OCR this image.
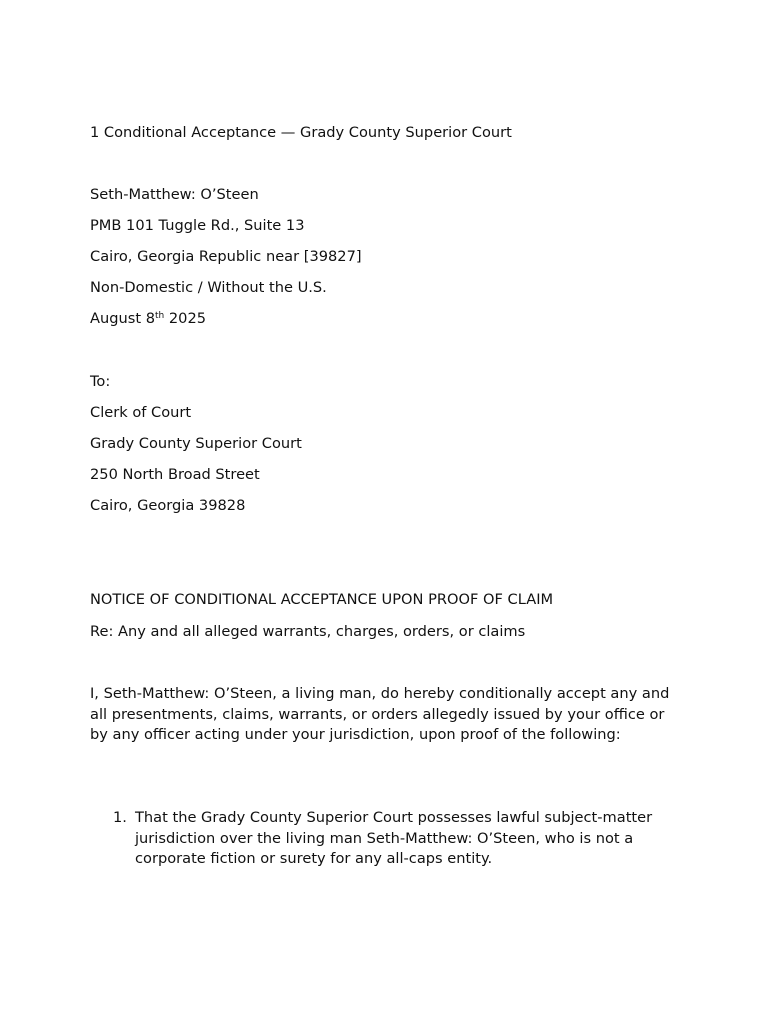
1 Conditional Acceptance — Grady County Superior Court
Seth-Matthew: O’Steen
PMB 101 Tuggle Rd., Suite 13
Cairo, Georgia Republic near [39827]
Non-Domestic / Without the U.S.
August 8th 2025
To:
Clerk of Court
Grady County Superior Court
250 North Broad Street
Cairo, Georgia 39828
NOTICE OF CONDITIONAL ACCEPTANCE UPON PROOF OF CLAIM
Re: Any and all alleged warrants, charges, orders, or claims
I, Seth-Matthew: O’Steen, a living man, do hereby conditionally accept any and all presentments, claims, warrants, or orders allegedly issued by your office or by any officer acting under your jurisdiction, upon proof of the following:
1. That the Grady County Superior Court possesses lawful subject-matter jurisdiction over the living man Seth-Matthew: O’Steen, who is not a corporate fiction or surety for any all-caps entity.
